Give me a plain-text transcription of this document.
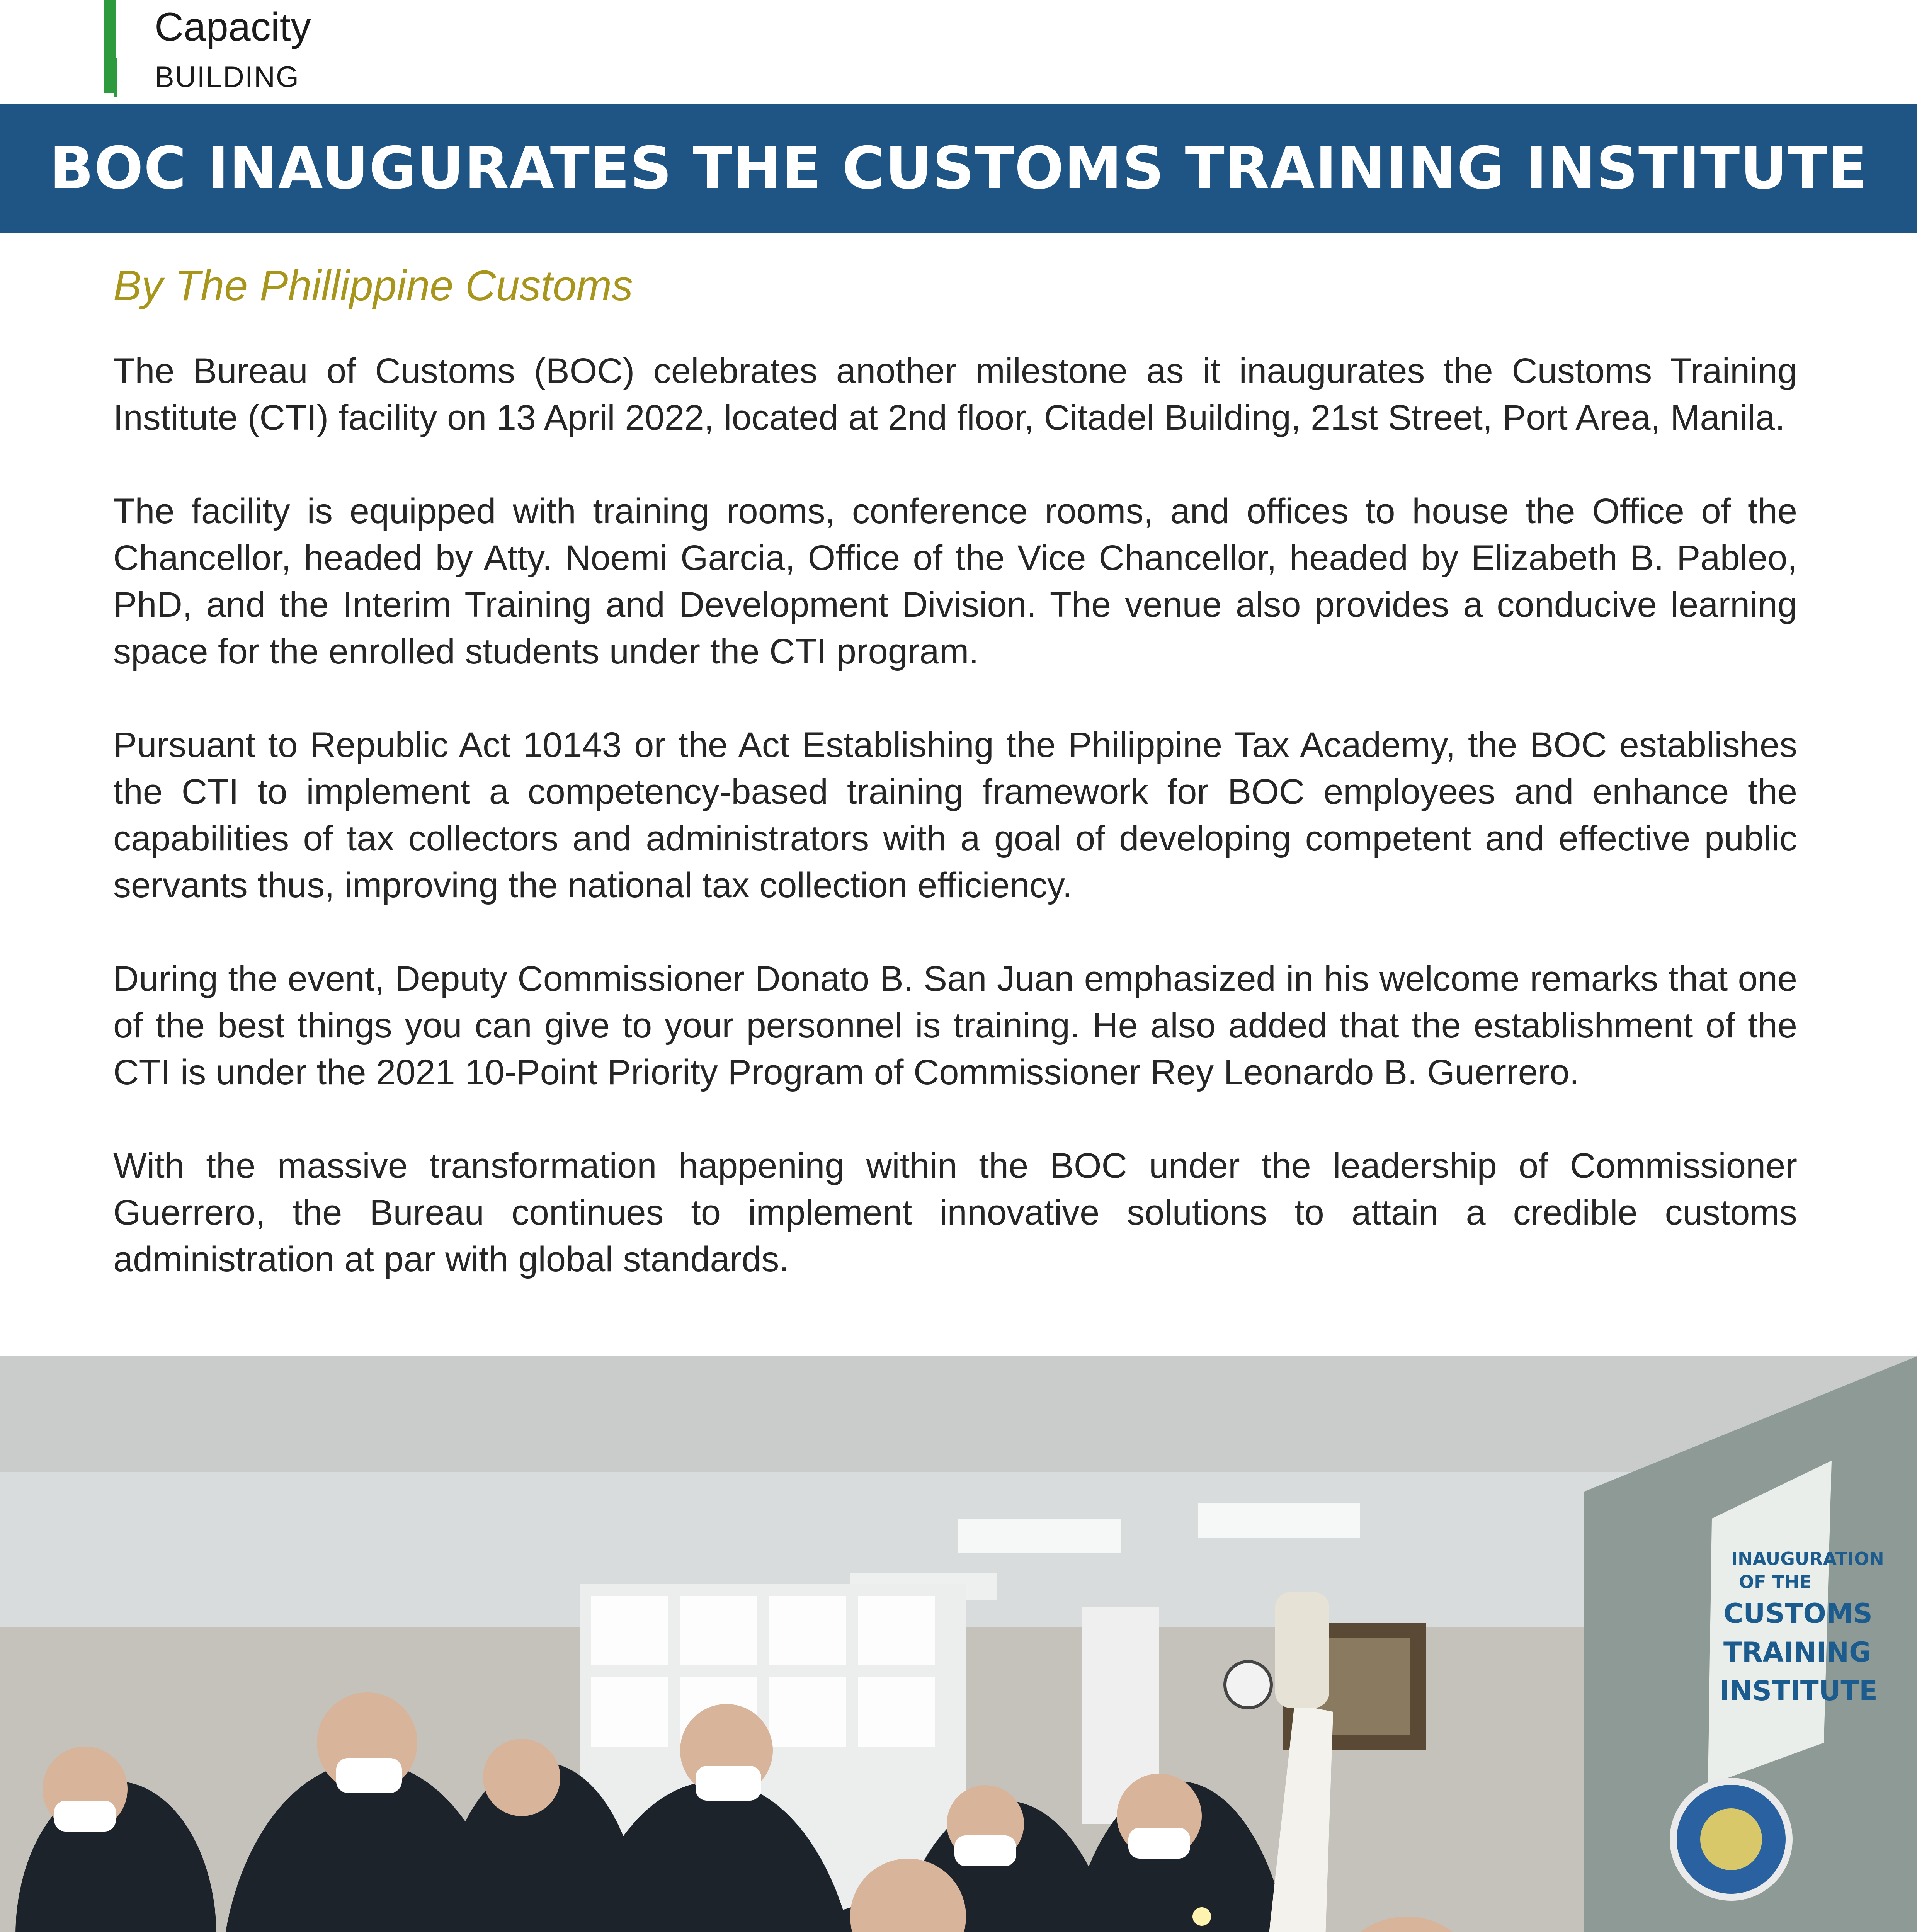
Capacity
BUILDING
BOC INAUGURATES THE CUSTOMS TRAINING INSTITUTE
By The Phillippine Customs

The Bureau of Customs (BOC) celebrates another milestone as it inaugurates the Customs Training Institute (CTI) facility on 13 April 2022, located at 2nd floor, Citadel Building, 21st Street, Port Area, Manila.

The facility is equipped with training rooms, conference rooms, and offices to house the Office of the Chancellor, headed by Atty. Noemi Garcia, Office of the Vice Chancellor, headed by Elizabeth B. Pableo, PhD, and the Interim Training and Development Division. The venue also provides a conducive learning space for the enrolled students under the CTI program.

Pursuant to Republic Act 10143 or the Act Establishing the Philippine Tax Academy, the BOC establishes the CTI to implement a competency-based training framework for BOC employees and enhance the capabilities of tax collectors and administrators with a goal of developing competent and effective public servants thus, improving the national tax collection efficiency.

During the event, Deputy Commissioner Donato B. San Juan emphasized in his welcome remarks that one of the best things you can give to your personnel is training. He also added that the establishment of the CTI is under the 2021 10-Point Priority Program of Commissioner Rey Leonardo B. Guerrero.

With the massive transformation happening within the BOC under the leadership of Commissioner Guerrero, the Bureau continues to implement innovative solutions to attain a credible customs administration at par with global standards.

INAUGURATION
OF THE
CUSTOMS
TRAINING
INSTITUTE
